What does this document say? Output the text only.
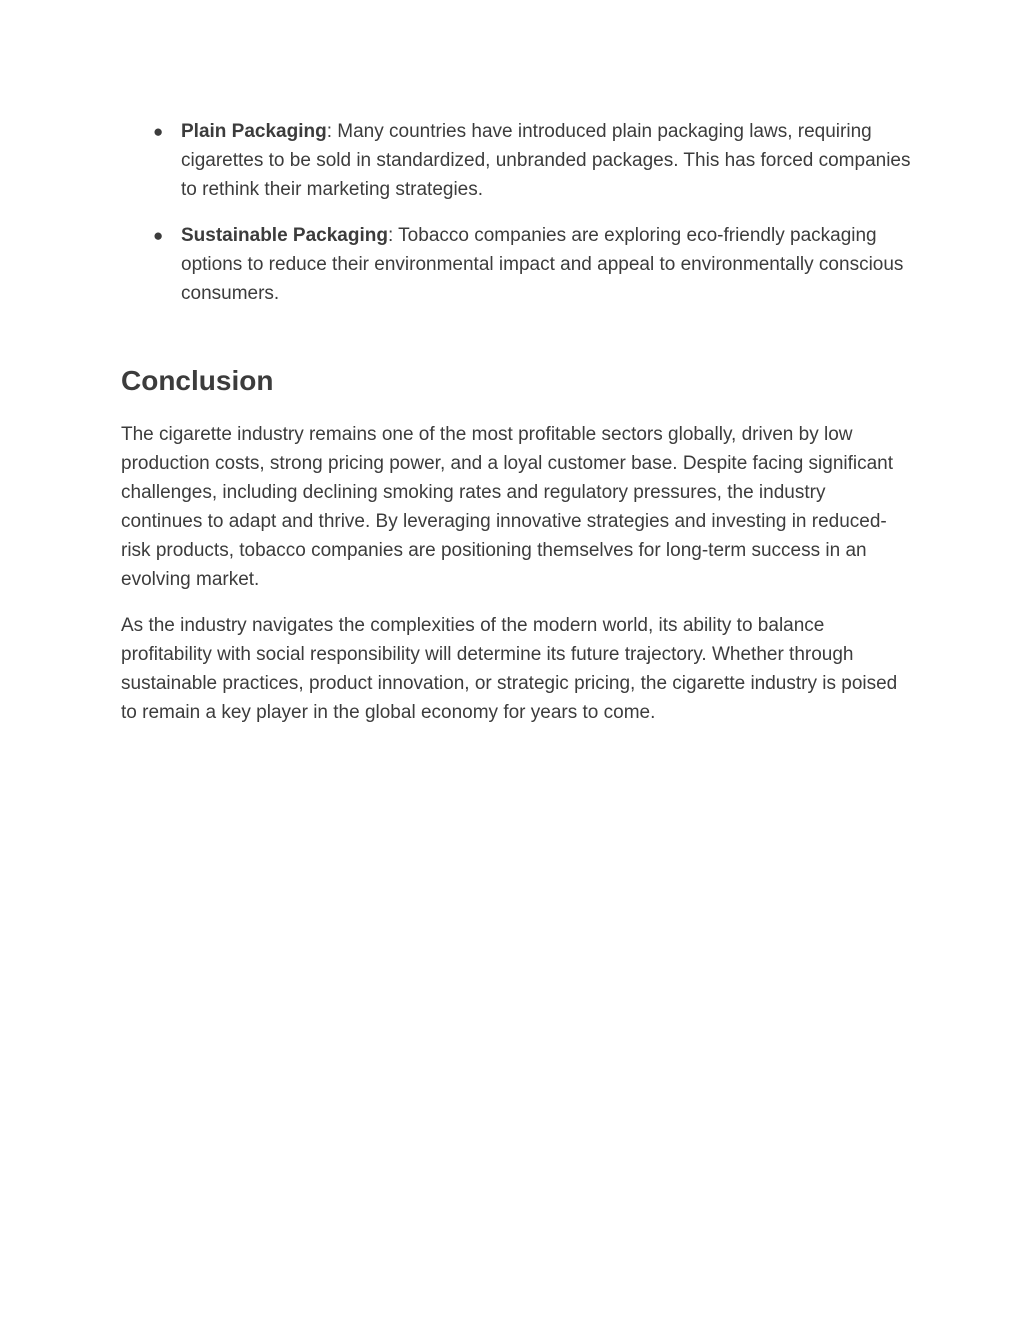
● Plain Packaging: Many countries have introduced plain packaging laws, requiring cigarettes to be sold in standardized, unbranded packages. This has forced companies to rethink their marketing strategies.
● Sustainable Packaging: Tobacco companies are exploring eco-friendly packaging options to reduce their environmental impact and appeal to environmentally conscious consumers.
Conclusion

The cigarette industry remains one of the most profitable sectors globally, driven by low production costs, strong pricing power, and a loyal customer base. Despite facing significant challenges, including declining smoking rates and regulatory pressures, the industry continues to adapt and thrive. By leveraging innovative strategies and investing in reduced-risk products, tobacco companies are positioning themselves for long-term success in an evolving market.

As the industry navigates the complexities of the modern world, its ability to balance profitability with social responsibility will determine its future trajectory. Whether through sustainable practices, product innovation, or strategic pricing, the cigarette industry is poised to remain a key player in the global economy for years to come.
